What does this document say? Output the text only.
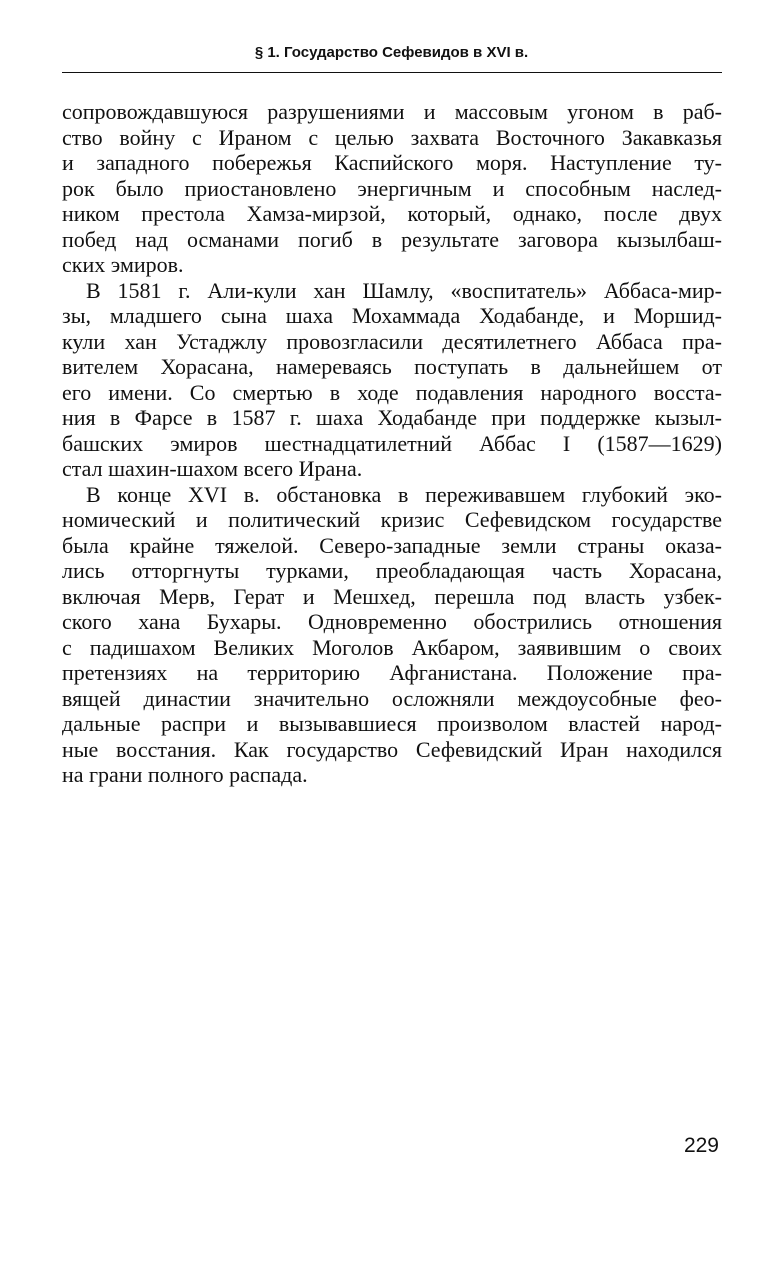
§ 1. Государство Сефевидов в XVI в.
сопровождавшуюся разрушениями и массовым угоном в раб-
ство войну с Ираном с целью захвата Восточного Закавказья
и западного побережья Каспийского моря. Наступление ту-
рок было приостановлено энергичным и способным наслед-
ником престола Хамза-мирзой, который, однако, после двух
побед над османами погиб в результате заговора кызылбаш-
ских эмиров.
В 1581 г. Али-кули хан Шамлу, «воспитатель» Аббаса-мир-
зы, младшего сына шаха Мохаммада Ходабанде, и Моршид-
кули хан Устаджлу провозгласили десятилетнего Аббаса пра-
вителем Хорасана, намереваясь поступать в дальнейшем от
его имени. Со смертью в ходе подавления народного восста-
ния в Фарсе в 1587 г. шаха Ходабанде при поддержке кызыл-
башских эмиров шестнадцатилетний Аббас I (1587—1629)
стал шахин-шахом всего Ирана.
В конце XVI в. обстановка в переживавшем глубокий эко-
номический и политический кризис Сефевидском государстве
была крайне тяжелой. Северо-западные земли страны оказа-
лись отторгнуты турками, преобладающая часть Хорасана,
включая Мерв, Герат и Мешхед, перешла под власть узбек-
ского хана Бухары. Одновременно обострились отношения
с падишахом Великих Моголов Акбаром, заявившим о своих
претензиях на территорию Афганистана. Положение пра-
вящей династии значительно осложняли междоусобные фео-
дальные распри и вызывавшиеся произволом властей народ-
ные восстания. Как государство Сефевидский Иран находился
на грани полного распада.
229
